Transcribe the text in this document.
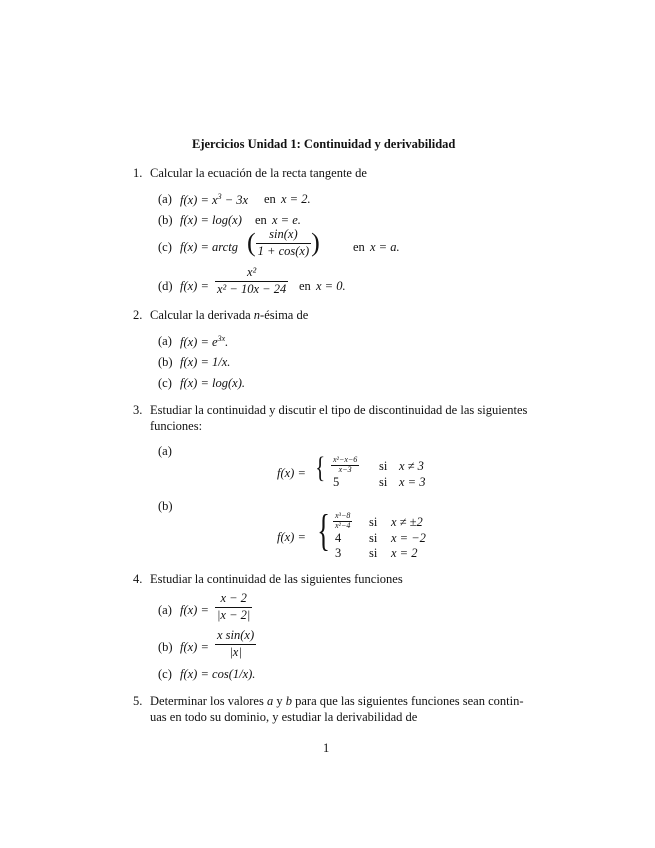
Ejercicios Unidad 1: Continuidad y derivabilidad
1. Calcular la ecuación de la recta tangente de
(a) $f(x) = x^3 - 3x$ en x = 2.
(b) f(x) = log(x) en x = e.
(c) f(x) = arctg ( $\frac{\sin(x)}{1 + \cos(x)}$ )	en x = a.
(d) $f(x) = \frac{\text{x²}}{\text{x² − 10x − 24}}$ en x = 0.
2. Calcular la derivada n-ésima de
(a) $f(x) = e^{3x}$.
(b) f(x) = 1/x.
(c) f(x) = log(x).
3. Estudiar la continuidad y discutir el tipo de discontinuidad de las siguientes
funciones:
(a)
f(x) = { $\frac{\text{x²−x−6}}{x-3}$ si x ≠ 3
5	si x = 3
(b)
f(x) = { $\frac{\text{x³−8}}{\text{x²−4}}$ si x ≠ ±2
4 si x = −2
3 si x = 2
4. Estudiar la continuidad de las siguientes funciones
(a) $f(x) = \frac{x - 2}{|x - 2|}$
(b) $f(x) = \frac{\text{x sin(x)}}{|x|}$
(c) f(x) = cos(1/x).
5. Determinar los valores a y b para que las siguientes funciones sean contin-
uas en todo su dominio, y estudiar la derivabilidad de
1
